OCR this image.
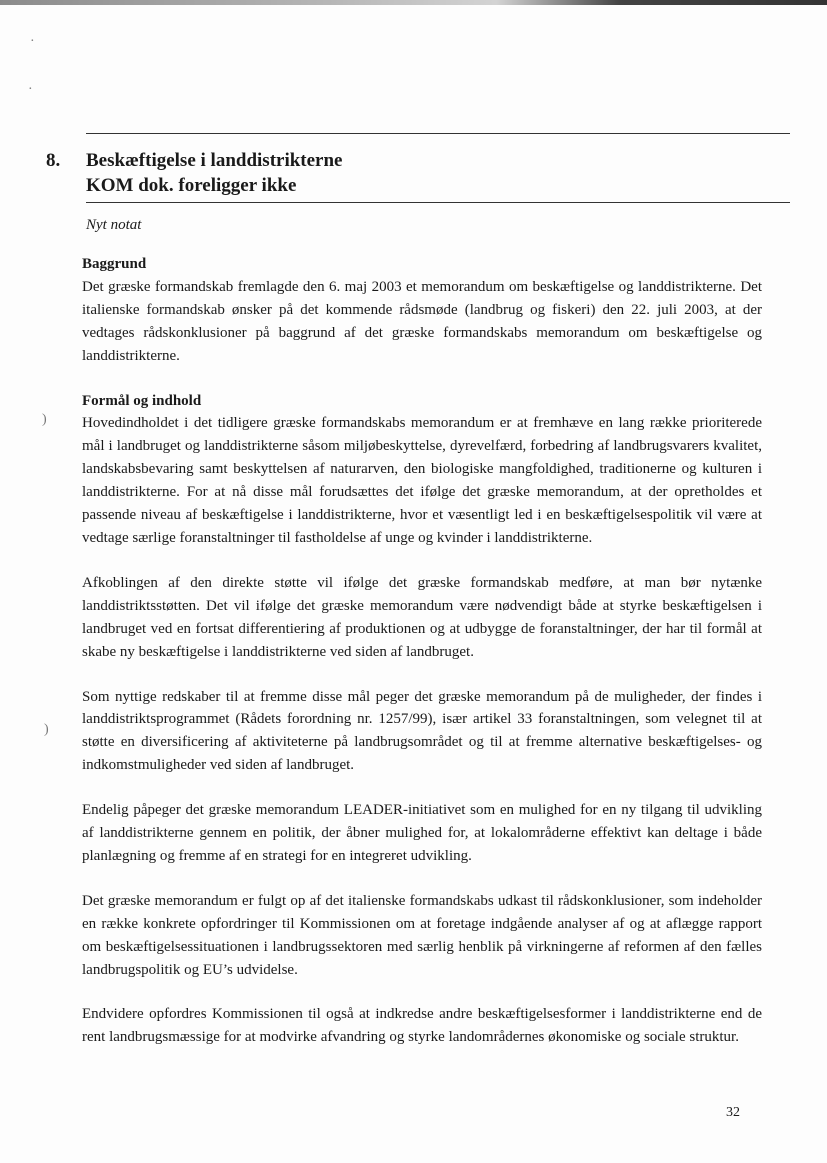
·
·
)
)
8. Beskæftigelse i landdistrikterne
KOM dok. foreligger ikke
Nyt notat
Baggrund

Det græske formandskab fremlagde den 6. maj 2003 et memorandum om beskæftigelse og landdistrikterne. Det italienske formandskab ønsker på det kommende rådsmøde (landbrug og fiskeri) den 22. juli 2003, at der vedtages rådskonklusioner på baggrund af det græske formandskabs memorandum om beskæftigelse og landdistrikterne.

Formål og indhold

Hovedindholdet i det tidligere græske formandskabs memorandum er at fremhæve en lang række prioriterede mål i landbruget og landdistrikterne såsom miljøbeskyttelse, dyrevelfærd, forbedring af landbrugsvarers kvalitet, landskabsbevaring samt beskyttelsen af naturarven, den biologiske mangfoldighed, traditionerne og kulturen i landdistrikterne. For at nå disse mål forudsættes det ifølge det græske memorandum, at der opretholdes et passende niveau af beskæftigelse i landdistrikterne, hvor et væsentligt led i en beskæftigelsespolitik vil være at vedtage særlige foranstaltninger til fastholdelse af unge og kvinder i landdistrikterne.

Afkoblingen af den direkte støtte vil ifølge det græske formandskab medføre, at man bør nytænke landdistriktsstøtten. Det vil ifølge det græske memorandum være nødvendigt både at styrke beskæftigelsen i landbruget ved en fortsat differentiering af produktionen og at udbygge de foranstaltninger, der har til formål at skabe ny beskæftigelse i landdistrikterne ved siden af landbruget.

Som nyttige redskaber til at fremme disse mål peger det græske memorandum på de muligheder, der findes i landdistriktsprogrammet (Rådets forordning nr. 1257/99), især artikel 33 foranstaltningen, som velegnet til at støtte en diversificering af aktiviteterne på landbrugsområdet og til at fremme alternative beskæftigelses- og indkomstmuligheder ved siden af landbruget.

Endelig påpeger det græske memorandum LEADER-initiativet som en mulighed for en ny tilgang til udvikling af landdistrikterne gennem en politik, der åbner mulighed for, at lokalområderne effektivt kan deltage i både planlægning og fremme af en strategi for en integreret udvikling.

Det græske memorandum er fulgt op af det italienske formandskabs udkast til rådskonklusioner, som indeholder en række konkrete opfordringer til Kommissionen om at foretage indgående analyser af og at aflægge rapport om beskæftigelsessituationen i landbrugssektoren med særlig henblik på virkningerne af reformen af den fælles landbrugspolitik og EU’s udvidelse.

Endvidere opfordres Kommissionen til også at indkredse andre beskæftigelsesformer i landdistrikterne end de rent landbrugsmæssige for at modvirke afvandring og styrke landområdernes økonomiske og sociale struktur.

32
